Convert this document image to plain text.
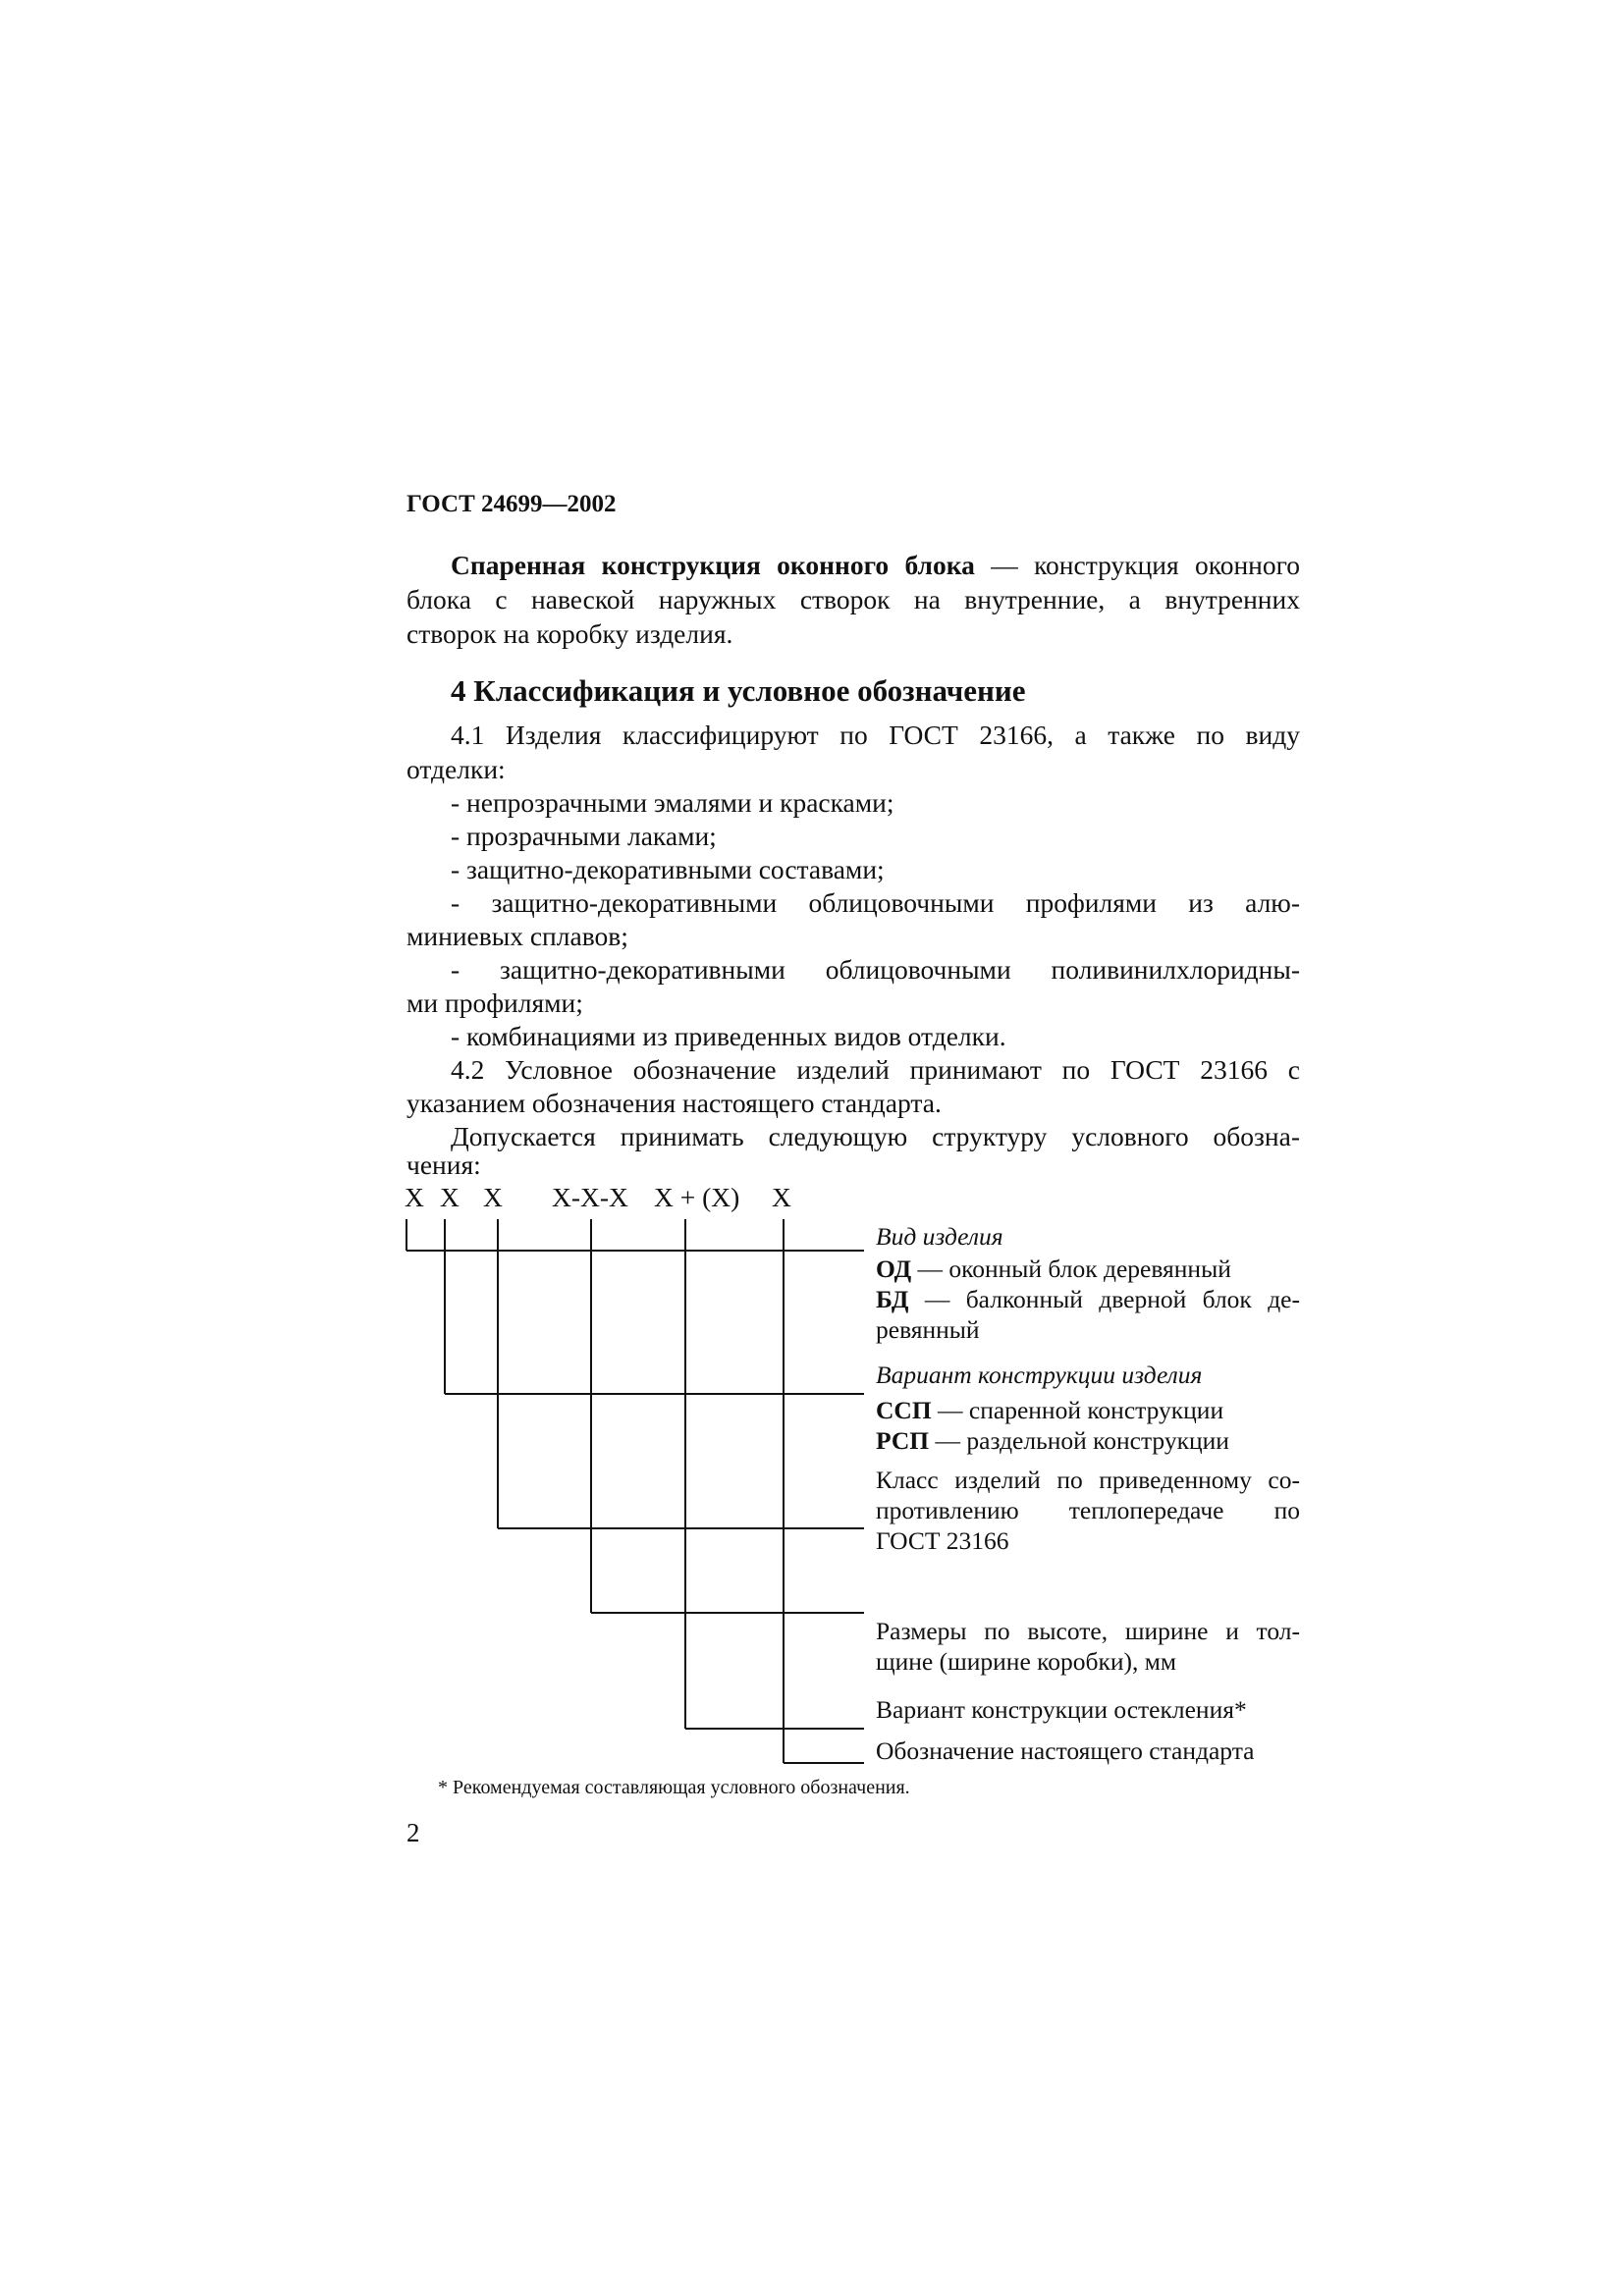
ГОСТ 24699—2002
Спаренная конструкция оконного блока — конструкция оконного
блока с навеской наружных створок на внутренние, а внутренних
створок на коробку изделия.
4 Классификация и условное обозначение
4.1 Изделия классифицируют по ГОСТ 23166, а также по виду
отделки:
- непрозрачными эмалями и красками;
- прозрачными лаками;
- защитно-декоративными составами;
- защитно-декоративными облицовочными профилями из алю-
миниевых сплавов;
- защитно-декоративными облицовочными поливинилхлоридны-
ми профилями;
- комбинациями из приведенных видов отделки.
4.2 Условное обозначение изделий принимают по ГОСТ 23166 с
указанием обозначения настоящего стандарта.
Допускается принимать следующую структуру условного обозна-
чения:
X X X X-X-X X + (X) X
Вид изделия
ОД — оконный блок деревянный
БД — балконный дверной блок де-
ревянный
Вариант конструкции изделия
ССП — спаренной конструкции
РСП — раздельной конструкции
Класс изделий по приведенному со-
противлению теплопередаче по
ГОСТ 23166
Размеры по высоте, ширине и тол-
щине (ширине коробки), мм
Вариант конструкции остекления*
Обозначение настоящего стандарта
* Рекомендуемая составляющая условного обозначения.
2
